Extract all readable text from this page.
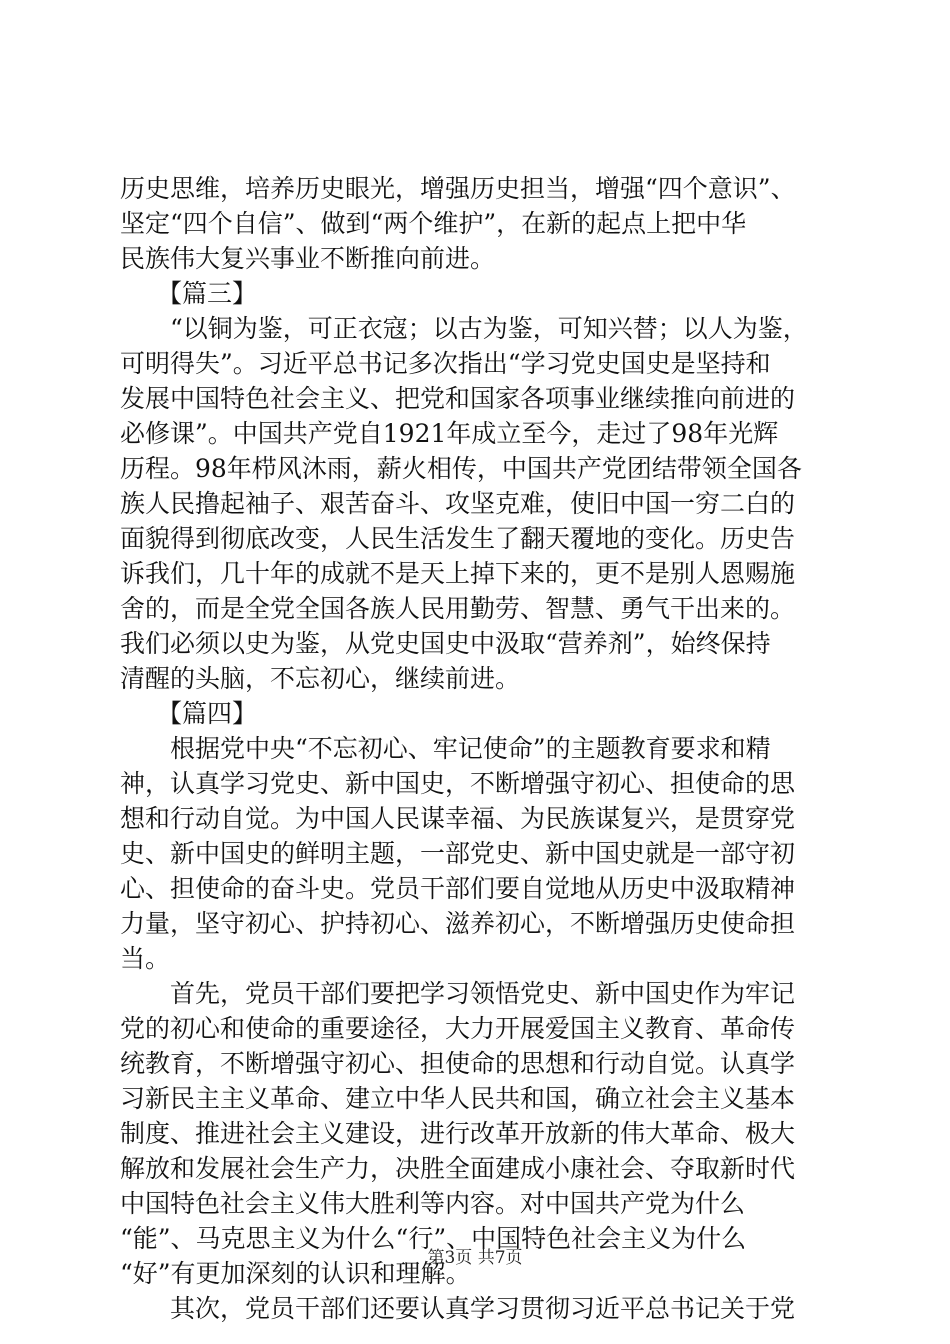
历史思维，培养历史眼光，增强历史担当，增强“四个意识”、
坚定“四个自信”、做到“两个维护”，在新的起点上把中华
民族伟大复兴事业不断推向前进。

【篇三】

　　“以铜为鉴，可正衣寇；以古为鉴，可知兴替；以人为鉴，
可明得失”。习近平总书记多次指出“学习党史国史是坚持和
发展中国特色社会主义、把党和国家各项事业继续推向前进的
必修课”。中国共产党自1921年成立至今，走过了98年光辉
历程。98年栉风沐雨，薪火相传，中国共产党团结带领全国各
族人民撸起袖子、艰苦奋斗、攻坚克难，使旧中国一穷二白的
面貌得到彻底改变，人民生活发生了翻天覆地的变化。历史告
诉我们，几十年的成就不是天上掉下来的，更不是别人恩赐施
舍的，而是全党全国各族人民用勤劳、智慧、勇气干出来的。
我们必须以史为鉴，从党史国史中汲取“营养剂”，始终保持
清醒的头脑，不忘初心，继续前进。

【篇四】

　　根据党中央“不忘初心、牢记使命”的主题教育要求和精
神，认真学习党史、新中国史，不断增强守初心、担使命的思
想和行动自觉。为中国人民谋幸福、为民族谋复兴，是贯穿党
史、新中国史的鲜明主题，一部党史、新中国史就是一部守初
心、担使命的奋斗史。党员干部们要自觉地从历史中汲取精神
力量，坚守初心、护持初心、滋养初心，不断增强历史使命担
当。

　　首先，党员干部们要把学习领悟党史、新中国史作为牢记
党的初心和使命的重要途径，大力开展爱国主义教育、革命传
统教育，不断增强守初心、担使命的思想和行动自觉。认真学
习新民主主义革命、建立中华人民共和国，确立社会主义基本
制度、推进社会主义建设，进行改革开放新的伟大革命、极大
解放和发展社会生产力，决胜全面建成小康社会、夺取新时代
中国特色社会主义伟大胜利等内容。对中国共产党为什么
“能”、马克思主义为什么“行”、中国特色社会主义为什么
“好”有更加深刻的认识和理解。

　　其次，党员干部们还要认真学习贯彻习近平总书记关于党

第3页 共7页
